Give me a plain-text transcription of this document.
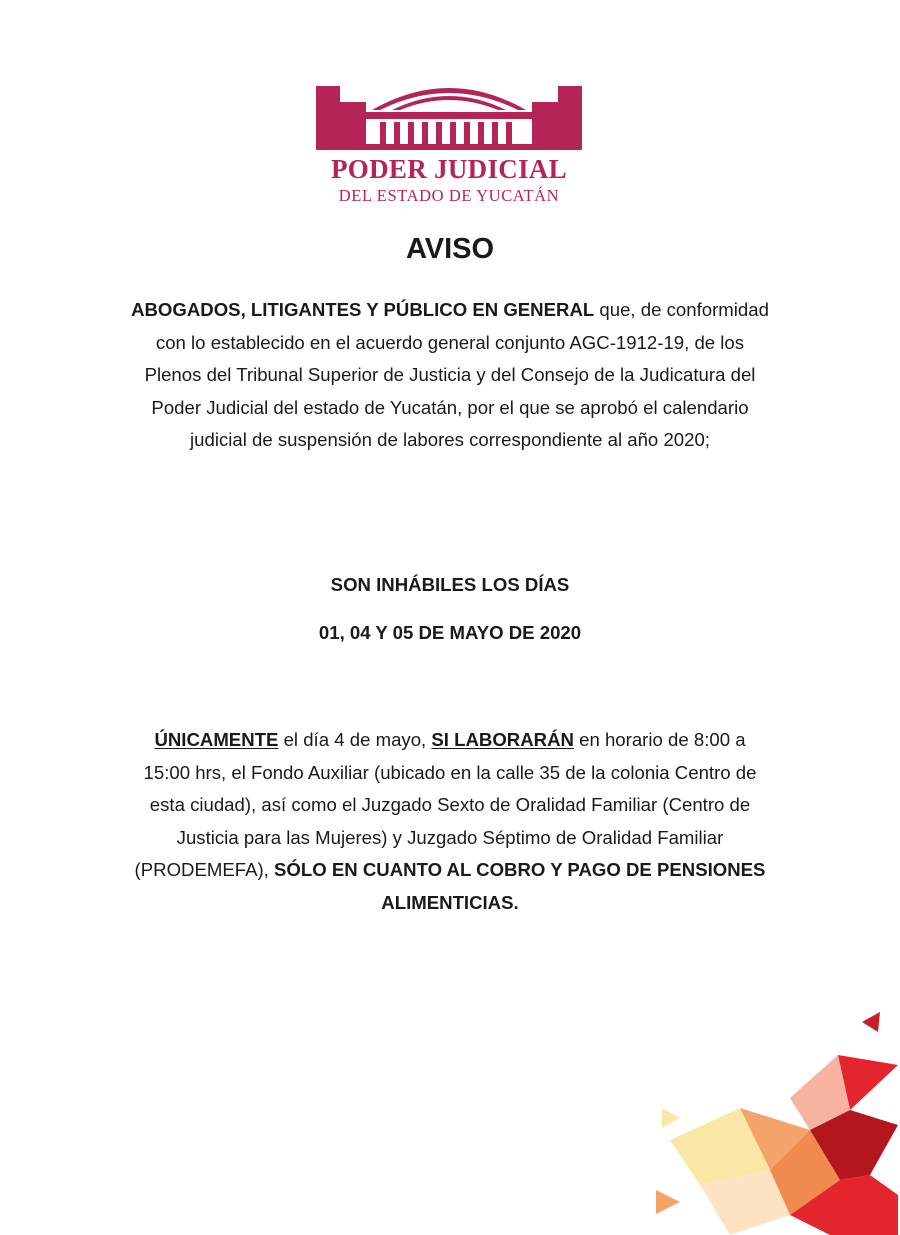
PODER JUDICIAL
DEL ESTADO DE YUCATÁN
AVISO

ABOGADOS, LITIGANTES Y PÚBLICO EN GENERAL que, de conformidad con lo establecido en el acuerdo general conjunto AGC-1912-19, de los Plenos del Tribunal Superior de Justicia y del Consejo de la Judicatura del Poder Judicial del estado de Yucatán, por el que se aprobó el calendario judicial de suspensión de labores correspondiente al año 2020;

SON INHÁBILES LOS DÍAS

01, 04 Y 05 DE MAYO DE 2020

ÚNICAMENTE el día 4 de mayo, SI LABORARÁN en horario de 8:00 a 15:00 hrs, el Fondo Auxiliar (ubicado en la calle 35 de la colonia Centro de esta ciudad), así como el Juzgado Sexto de Oralidad Familiar (Centro de Justicia para las Mujeres) y Juzgado Séptimo de Oralidad Familiar (PRODEMEFA), SÓLO EN CUANTO AL COBRO Y PAGO DE PENSIONES ALIMENTICIAS.
